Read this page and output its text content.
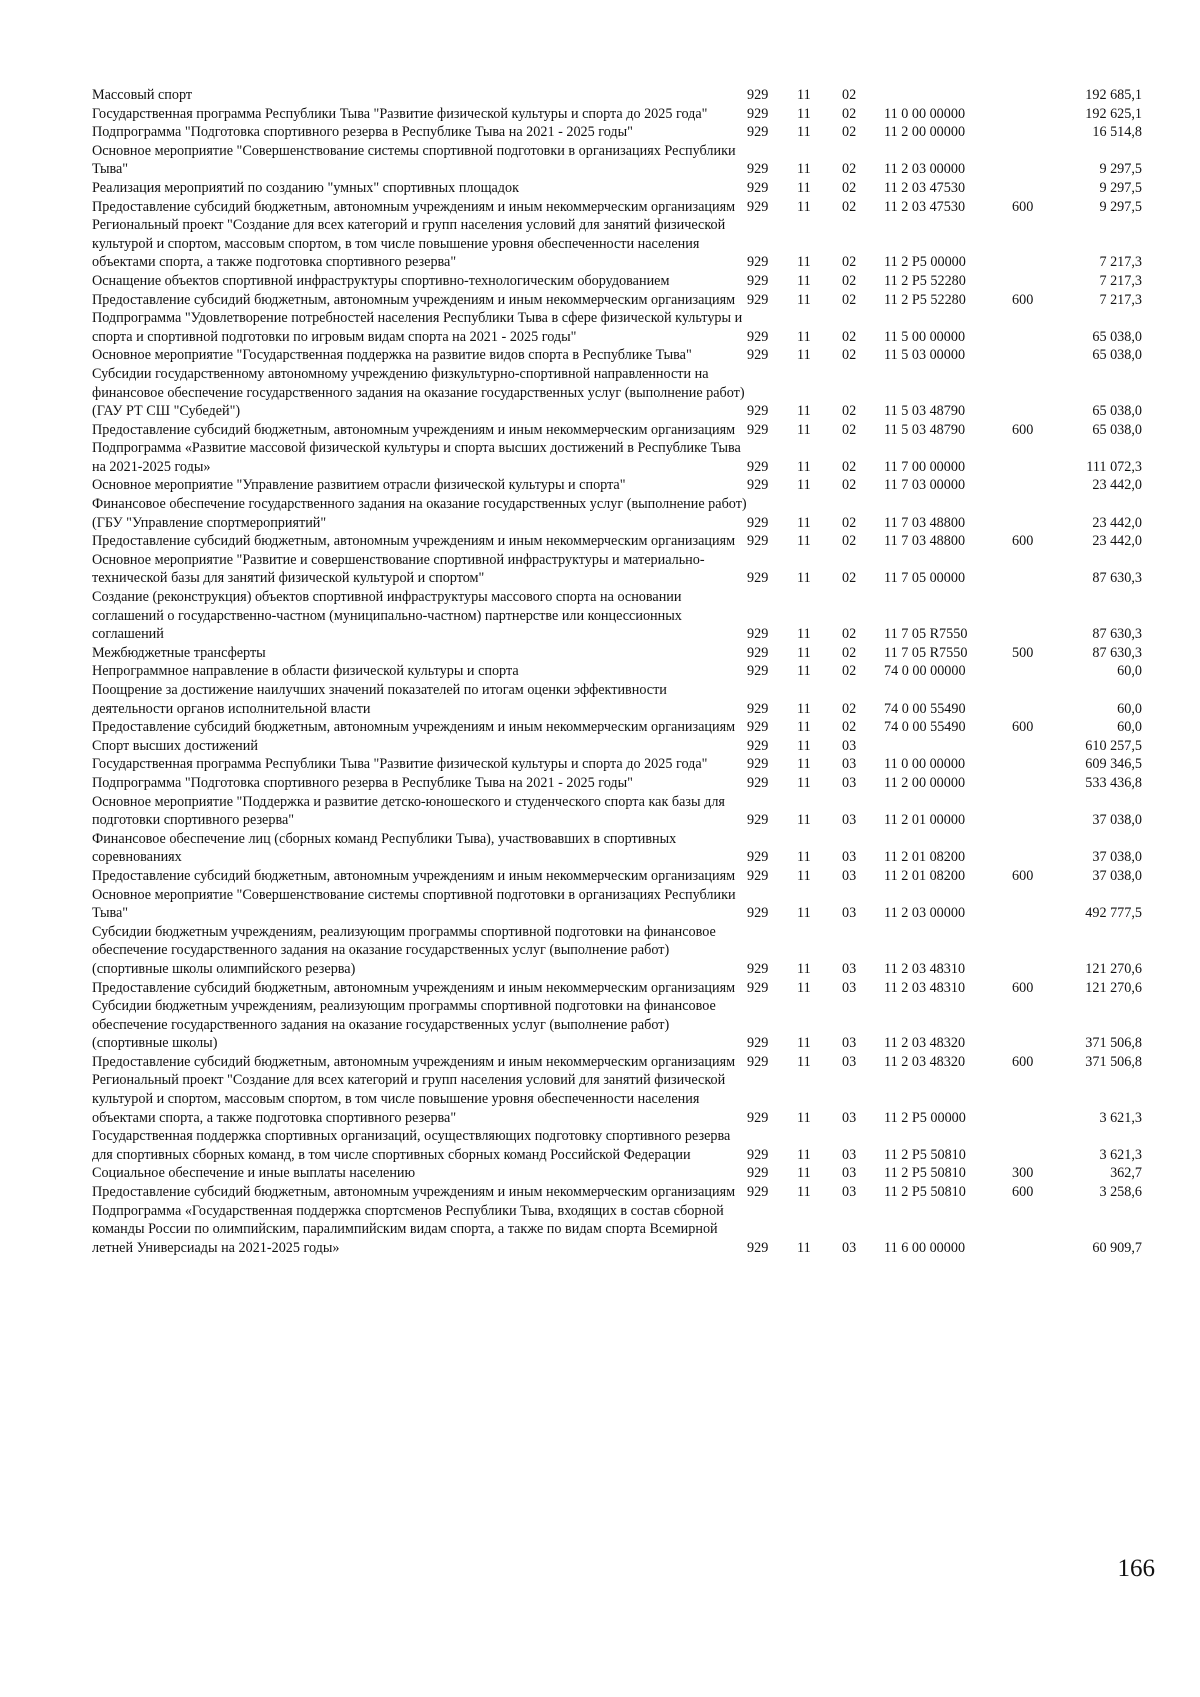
Массовый спорт	929	11	02			192 685,1
Государственная программа Республики Тыва "Развитие физической культуры и спорта до 2025 года"	929	11	02	11 0 00 00000		192 625,1
Подпрограмма "Подготовка спортивного резерва в Республике Тыва на 2021 - 2025 годы"	929	11	02	11 2 00 00000		16 514,8
Основное мероприятие "Совершенствование системы спортивной подготовки в организациях Республики Тыва"	929	11	02	11 2 03 00000		9 297,5
Реализация мероприятий по созданию "умных" спортивных площадок	929	11	02	11 2 03 47530		9 297,5
Предоставление субсидий бюджетным, автономным учреждениям и иным некоммерческим организациям	929	11	02	11 2 03 47530	600	9 297,5
Региональный проект "Создание для всех категорий и групп населения условий для занятий физической культурой и спортом, массовым спортом, в том числе повышение уровня обеспеченности населения объектами спорта, а также подготовка спортивного резерва"	929	11	02	11 2 P5 00000		7 217,3
Оснащение объектов спортивной инфраструктуры спортивно-технологическим оборудованием	929	11	02	11 2 P5 52280		7 217,3
Предоставление субсидий бюджетным, автономным учреждениям и иным некоммерческим организациям	929	11	02	11 2 P5 52280	600	7 217,3
Подпрограмма "Удовлетворение потребностей населения Республики Тыва в сфере физической культуры и спорта и спортивной подготовки по игровым видам спорта на 2021 - 2025 годы"	929	11	02	11 5 00 00000		65 038,0
Основное мероприятие "Государственная поддержка на развитие видов спорта в Республике Тыва"	929	11	02	11 5 03 00000		65 038,0
Субсидии государственному автономному учреждению физкультурно-спортивной направленности на финансовое обеспечение государственного задания на оказание государственных услуг (выполнение работ) (ГАУ РТ СШ "Субедей")	929	11	02	11 5 03 48790		65 038,0
Предоставление субсидий бюджетным, автономным учреждениям и иным некоммерческим организациям	929	11	02	11 5 03 48790	600	65 038,0
Подпрограмма «Развитие массовой физической культуры и спорта высших достижений в Республике Тыва на 2021-2025 годы»	929	11	02	11 7 00 00000		111 072,3
Основное мероприятие "Управление развитием отрасли физической культуры и спорта"	929	11	02	11 7 03 00000		23 442,0
Финансовое обеспечение государственного задания на оказание государственных услуг (выполнение работ) (ГБУ "Управление спортмероприятий"	929	11	02	11 7 03 48800		23 442,0
Предоставление субсидий бюджетным, автономным учреждениям и иным некоммерческим организациям	929	11	02	11 7 03 48800	600	23 442,0
Основное мероприятие "Развитие и совершенствование спортивной инфраструктуры и материально-технической базы для занятий физической культурой и спортом"	929	11	02	11 7 05 00000		87 630,3
Создание (реконструкция) объектов спортивной инфраструктуры массового спорта на основании соглашений о государственно-частном (муниципально-частном) партнерстве или концессионных соглашений	929	11	02	11 7 05 R7550		87 630,3
Межбюджетные трансферты	929	11	02	11 7 05 R7550	500	87 630,3
Непрограммное направление в области физической культуры и спорта	929	11	02	74 0 00 00000		60,0
Поощрение за достижение наилучших значений показателей по итогам оценки эффективности деятельности органов исполнительной власти	929	11	02	74 0 00 55490		60,0
Предоставление субсидий бюджетным, автономным учреждениям и иным некоммерческим организациям	929	11	02	74 0 00 55490	600	60,0
Спорт высших достижений	929	11	03			610 257,5
Государственная программа Республики Тыва "Развитие физической культуры и спорта до 2025 года"	929	11	03	11 0 00 00000		609 346,5
Подпрограмма "Подготовка спортивного резерва в Республике Тыва на 2021 - 2025 годы"	929	11	03	11 2 00 00000		533 436,8
Основное мероприятие "Поддержка и развитие детско-юношеского и студенческого спорта как базы для подготовки спортивного резерва"	929	11	03	11 2 01 00000		37 038,0
Финансовое обеспечение лиц (сборных команд Республики Тыва), участвовавших в спортивных соревнованиях	929	11	03	11 2 01 08200		37 038,0
Предоставление субсидий бюджетным, автономным учреждениям и иным некоммерческим организациям	929	11	03	11 2 01 08200	600	37 038,0
Основное мероприятие "Совершенствование системы спортивной подготовки в организациях Республики Тыва"	929	11	03	11 2 03 00000		492 777,5
Субсидии бюджетным учреждениям, реализующим программы спортивной подготовки на финансовое обеспечение государственного задания на оказание государственных услуг (выполнение работ) (спортивные школы олимпийского резерва)	929	11	03	11 2 03 48310		121 270,6
Предоставление субсидий бюджетным, автономным учреждениям и иным некоммерческим организациям	929	11	03	11 2 03 48310	600	121 270,6
Субсидии бюджетным учреждениям, реализующим программы спортивной подготовки на финансовое обеспечение государственного задания на оказание государственных услуг (выполнение работ) (спортивные школы)	929	11	03	11 2 03 48320		371 506,8
Предоставление субсидий бюджетным, автономным учреждениям и иным некоммерческим организациям	929	11	03	11 2 03 48320	600	371 506,8
Региональный проект "Создание для всех категорий и групп населения условий для занятий физической культурой и спортом, массовым спортом, в том числе повышение уровня обеспеченности населения объектами спорта, а также подготовка спортивного резерва"	929	11	03	11 2 P5 00000		3 621,3
Государственная поддержка спортивных организаций, осуществляющих подготовку спортивного резерва для спортивных сборных команд, в том числе спортивных сборных команд Российской Федерации	929	11	03	11 2 P5 50810		3 621,3
Социальное обеспечение и иные выплаты населению	929	11	03	11 2 P5 50810	300	362,7
Предоставление субсидий бюджетным, автономным учреждениям и иным некоммерческим организациям	929	11	03	11 2 P5 50810	600	3 258,6
Подпрограмма «Государственная поддержка спортсменов Республики Тыва, входящих в состав сборной команды России по олимпийским, паралимпийским видам спорта, а также по видам спорта Всемирной летней Универсиады на 2021-2025 годы»	929	11	03	11 6 00 00000		60 909,7
166
